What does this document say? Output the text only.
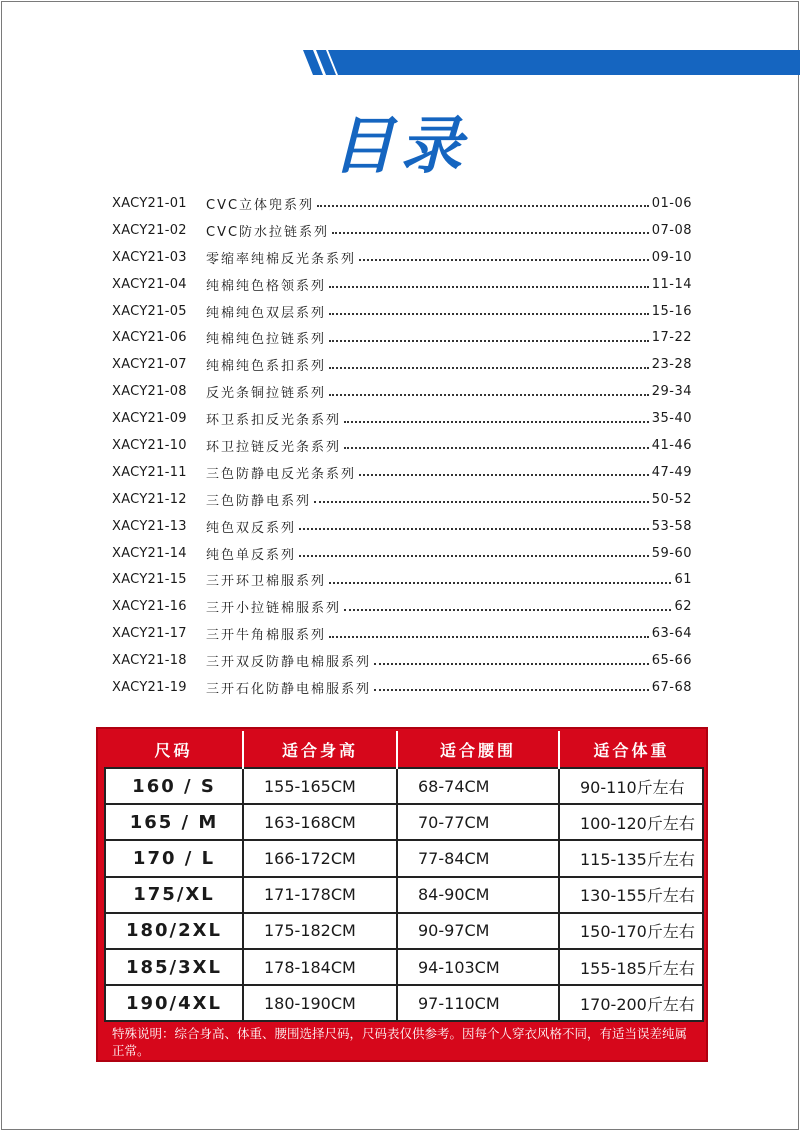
目录
XACY21-01	CVC立体兜系列	01-06
XACY21-02	CVC防水拉链系列	07-08
XACY21-03	零缩率纯棉反光条系列	09-10
XACY21-04	纯棉纯色格领系列	11-14
XACY21-05	纯棉纯色双层系列	15-16
XACY21-06	纯棉纯色拉链系列	17-22
XACY21-07	纯棉纯色系扣系列	23-28
XACY21-08	反光条铜拉链系列	29-34
XACY21-09	环卫系扣反光条系列	35-40
XACY21-10	环卫拉链反光条系列	41-46
XACY21-11	三色防静电反光条系列	47-49
XACY21-12	三色防静电系列	50-52
XACY21-13	纯色双反系列	53-58
XACY21-14	纯色单反系列	59-60
XACY21-15	三开环卫棉服系列	61
XACY21-16	三开小拉链棉服系列	62
XACY21-17	三开牛角棉服系列	63-64
XACY21-18	三开双反防静电棉服系列	65-66
XACY21-19	三开石化防静电棉服系列	67-68
尺码	适合身高	适合腰围	适合体重
160 / S	155-165CM	68-74CM	90-110斤左右
165 / M	163-168CM	70-77CM	100-120斤左右
170 / L	166-172CM	77-84CM	115-135斤左右
175/XL	171-178CM	84-90CM	130-155斤左右
180/2XL	175-182CM	90-97CM	150-170斤左右
185/3XL	178-184CM	94-103CM	155-185斤左右
190/4XL	180-190CM	97-110CM	170-200斤左右
特殊说明：综合身高、体重、腰围选择尺码，尺码表仅供参考。因每个人穿衣风格不同，有适当误差纯属正常。
